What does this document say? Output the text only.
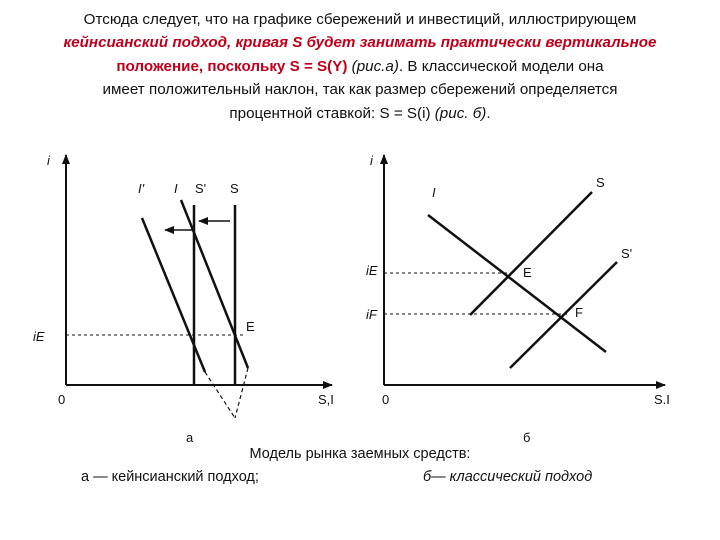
Отсюда следует, что на графике сбережений и инвестиций, иллюстрирующем
кейнсианский подход, кривая S будет занимать практически вертикальное
положение, поскольку S = S(Y) (рис.а). В классической модели она
имеет положительный наклон, так как размер сбережений определяется
процентной ставкой: S = S(i) (рис. б).
i
S,I
0
I' I S' S
E
iE
а
i
S.I
0
S
I
S'
E
F
iE
iF
б
Модель рынка заемных средств:
а — кейнсианский подход;	б— классический подход
